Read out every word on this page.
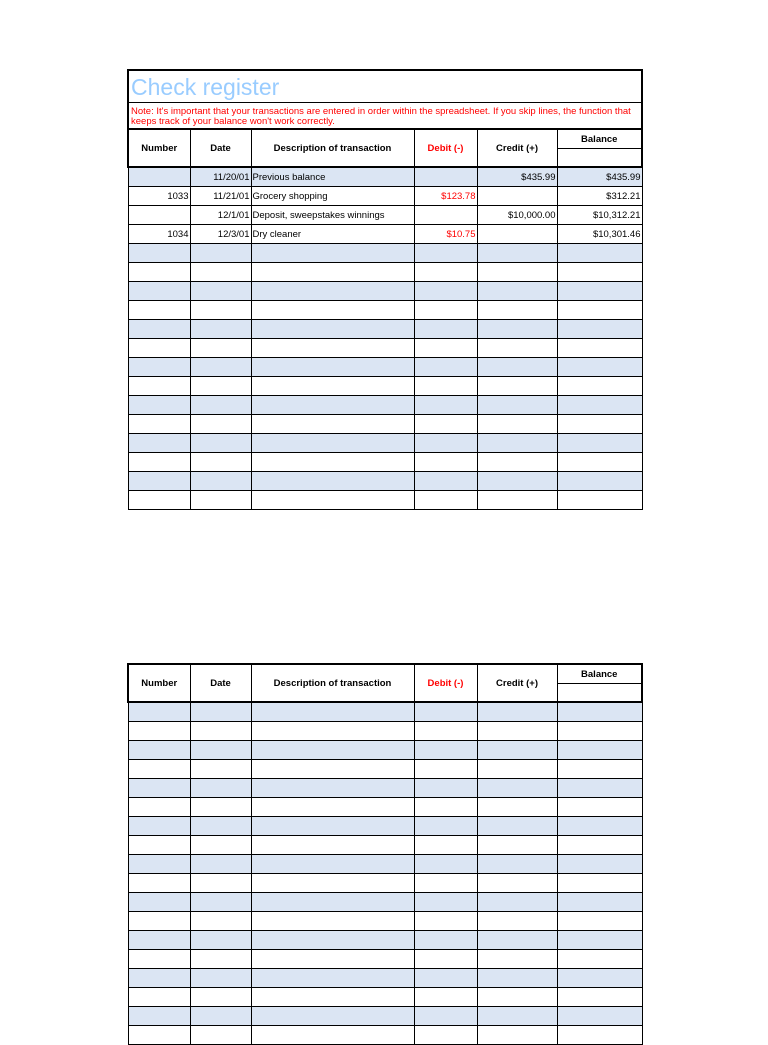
Check register
Note: It's important that your transactions are entered in order within the spreadsheet. If you skip lines, the function that keeps track of your balance won't work correctly.
Number	Date	Description of transaction	Debit (-)	Credit (+)	Balance

	11/20/01	Previous balance		$435.99	$435.99
1033	11/21/01	Grocery shopping	$123.78		$312.21
	12/1/01	Deposit, sweepstakes winnings		$10,000.00	$10,312.21
1034	12/3/01	Dry cleaner	$10.75		$10,301.46

Number	Date	Description of transaction	Debit (-)	Credit (+)	Balance
